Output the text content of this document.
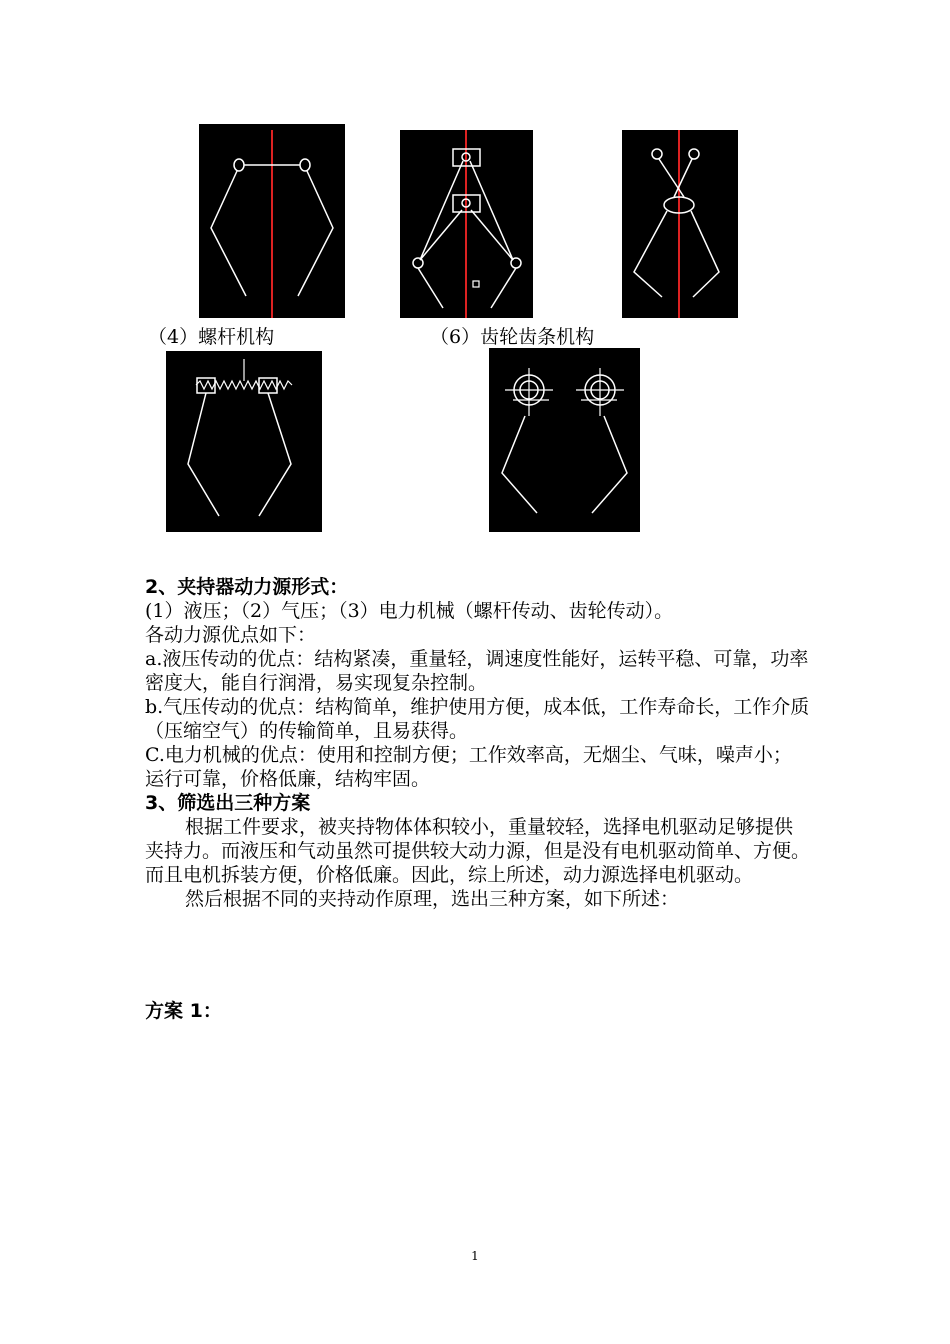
（4）螺杆机构	（6）齿轮齿条机构

2、夹持器动力源形式：

(1）液压；（2）气压；（3）电力机械（螺杆传动、齿轮传动）。

各动力源优点如下：

a.液压传动的优点：结构紧凑，重量轻，调速度性能好，运转平稳、可靠，功率密度大，能自行润滑，易实现复杂控制。

b.气压传动的优点：结构简单，维护使用方便，成本低，工作寿命长，工作介质（压缩空气）的传输简单，且易获得。

C.电力机械的优点：使用和控制方便；工作效率高，无烟尘、气味，噪声小；运行可靠，价格低廉，结构牢固。

3、筛选出三种方案

根据工件要求，被夹持物体体积较小，重量较轻，选择电机驱动足够提供夹持力。而液压和气动虽然可提供较大动力源，但是没有电机驱动简单、方便。而且电机拆装方便，价格低廉。因此，综上所述，动力源选择电机驱动。

然后根据不同的夹持动作原理，选出三种方案，如下所述：

方案 1：
1
